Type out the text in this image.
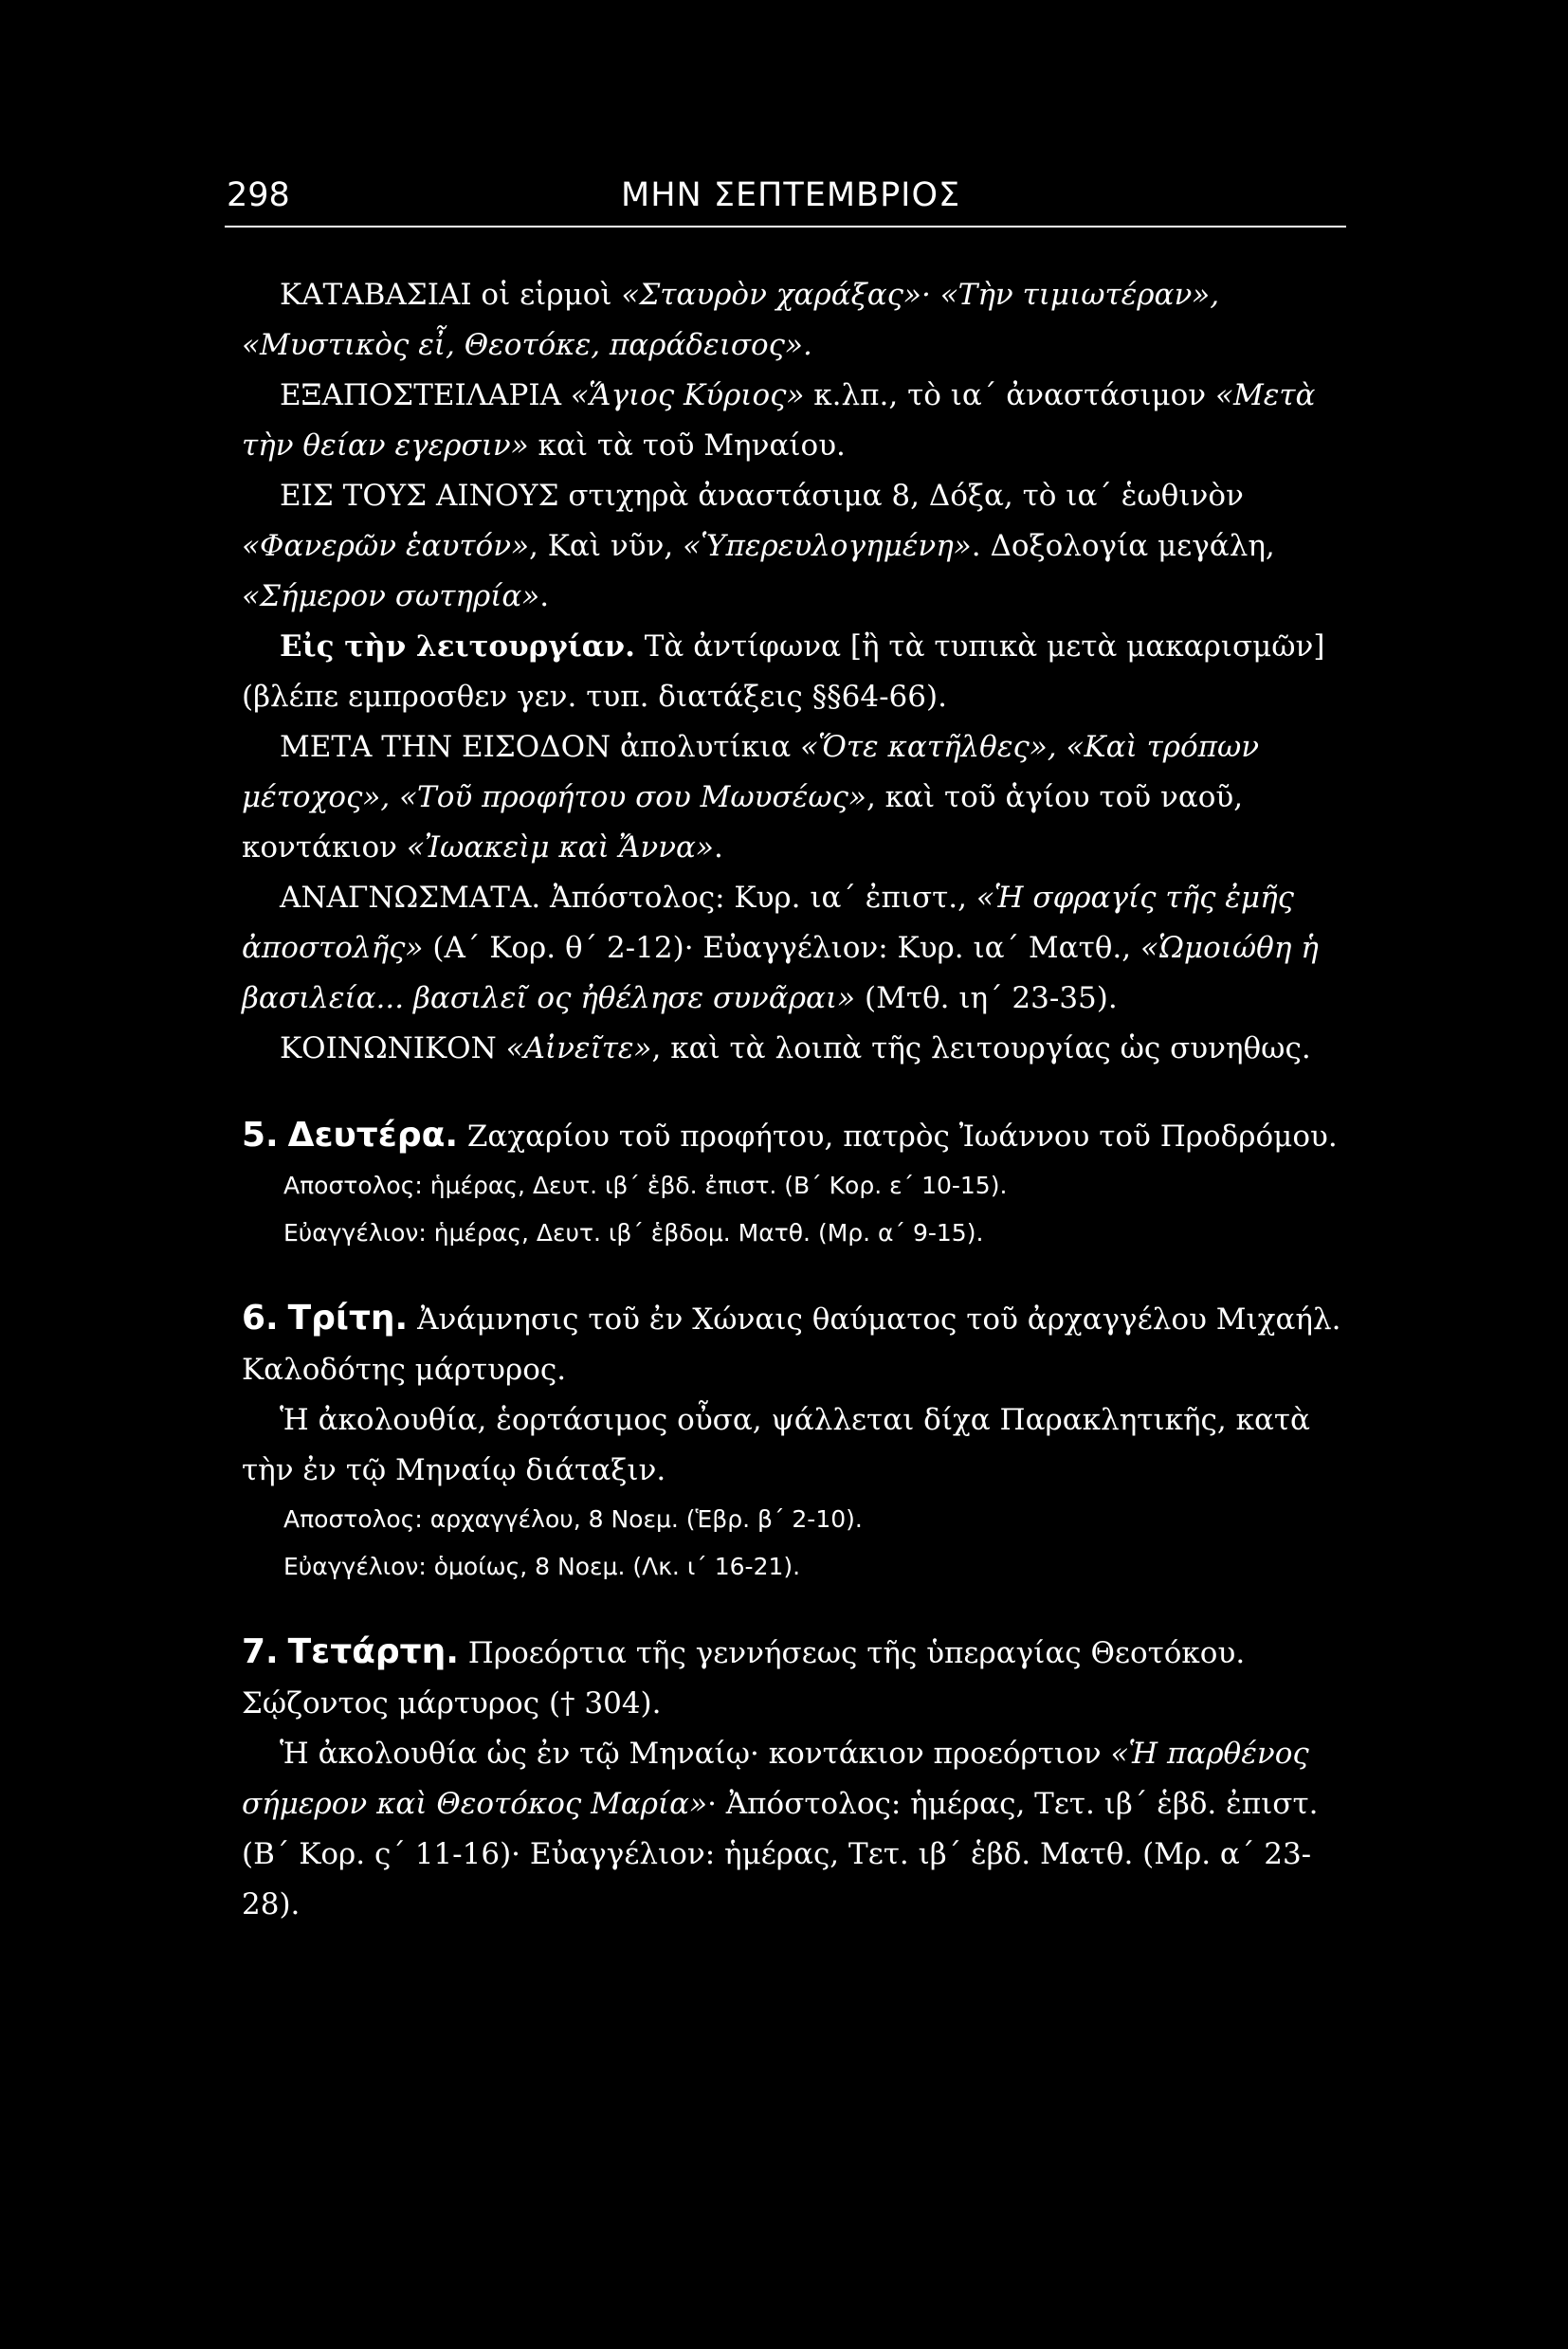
298	ΜΗΝ ΣΕΠΤΕΜΒΡΙΟΣ

ΚΑΤΑΒΑΣΙΑΙ οἱ εἱρμοὶ «Σταυρὸν χαράξας»· «Τὴν τιμιωτέραν», «Μυστικὸς εἶ, Θεοτόκε, παράδεισος».

ΕΞΑΠΟΣΤΕΙΛΑΡΙΑ «Ἅγιος Κύριος» κ.λπ., τὸ ια΄ ἀναστάσιμον «Μετὰ τὴν θείαν εγερσιν» καὶ τὰ τοῦ Μηναίου.

ΕΙΣ ΤΟΥΣ ΑΙΝΟΥΣ στιχηρὰ ἀναστάσιμα 8, Δόξα, τὸ ια΄ ἑωθινὸν «Φανερῶν ἑαυτόν», Καὶ νῦν, «Ὑπερευλογημένη». Δοξολογία μεγάλη, «Σήμερον σωτηρία».

Εἰς τὴν λειτουργίαν. Τὰ ἀντίφωνα [ἢ τὰ τυπικὰ μετὰ μακαρισμῶν] (βλέπε εμπροσθεν γεν. τυπ. διατάξεις §§64-66).

ΜΕΤΑ ΤΗΝ ΕΙΣΟΔΟΝ ἀπολυτίκια «Ὅτε κατῆλθες», «Καὶ τρόπων μέτοχος», «Τοῦ προφήτου σου Μωυσέως», καὶ τοῦ ἁγίου τοῦ ναοῦ, κοντάκιον «Ἰωακεὶμ καὶ Ἄννα».

ΑΝΑΓΝΩΣΜΑΤΑ. Ἀπόστολος: Κυρ. ια΄ ἐπιστ., «Ἡ σφραγίς τῆς ἐμῆς ἀποστολῆς» (Α΄ Κορ. θ΄ 2-12)· Εὐαγγέλιον: Κυρ. ια΄ Ματθ., «Ὡμοιώθη ἡ βασιλεία... βασιλεῖ ος ἠθέλησε συνᾶραι» (Μτθ. ιη΄ 23-35).

ΚΟΙΝΩΝΙΚΟΝ «Αἰνεῖτε», καὶ τὰ λοιπὰ τῆς λειτουργίας ὡς συνηθως.

5. Δευτέρα. Ζαχαρίου τοῦ προφήτου, πατρὸς Ἰωάννου τοῦ Προδρόμου.

Αποστολος: ἡμέρας, Δευτ. ιβ΄ ἑβδ. ἐπιστ. (Β΄ Κορ. ε΄ 10-15).

Εὐαγγέλιον: ἡμέρας, Δευτ. ιβ΄ ἑβδομ. Ματθ. (Μρ. α΄ 9-15).

6. Τρίτη. Ἀνάμνησις τοῦ ἐν Χώναις θαύματος τοῦ ἀρχαγγέλου Μιχαήλ. Καλοδότης μάρτυρος.

Ἡ ἀκολουθία, ἑορτάσιμος οὖσα, ψάλλεται δίχα Παρακλητικῆς, κατὰ τὴν ἐν τῷ Μηναίῳ διάταξιν.

Αποστολος: αρχαγγέλου, 8 Νοεμ. (Ἑβρ. β΄ 2-10).

Εὐαγγέλιον: ὁμοίως, 8 Νοεμ. (Λκ. ι΄ 16-21).

7. Τετάρτη. Προεόρτια τῆς γεννήσεως τῆς ὑπεραγίας Θεοτόκου. Σῴζοντος μάρτυρος († 304).

Ἡ ἀκολουθία ὡς ἐν τῷ Μηναίῳ· κοντάκιον προεόρτιον «Ἡ παρθένος σήμερον καὶ Θεοτόκος Μαρία»· Ἀπόστολος: ἡμέρας, Τετ. ιβ΄ ἑβδ. ἐπιστ. (Β΄ Κορ. ς΄ 11-16)· Εὐαγγέλιον: ἡμέρας, Τετ. ιβ΄ ἑβδ. Ματθ. (Μρ. α΄ 23-28).
